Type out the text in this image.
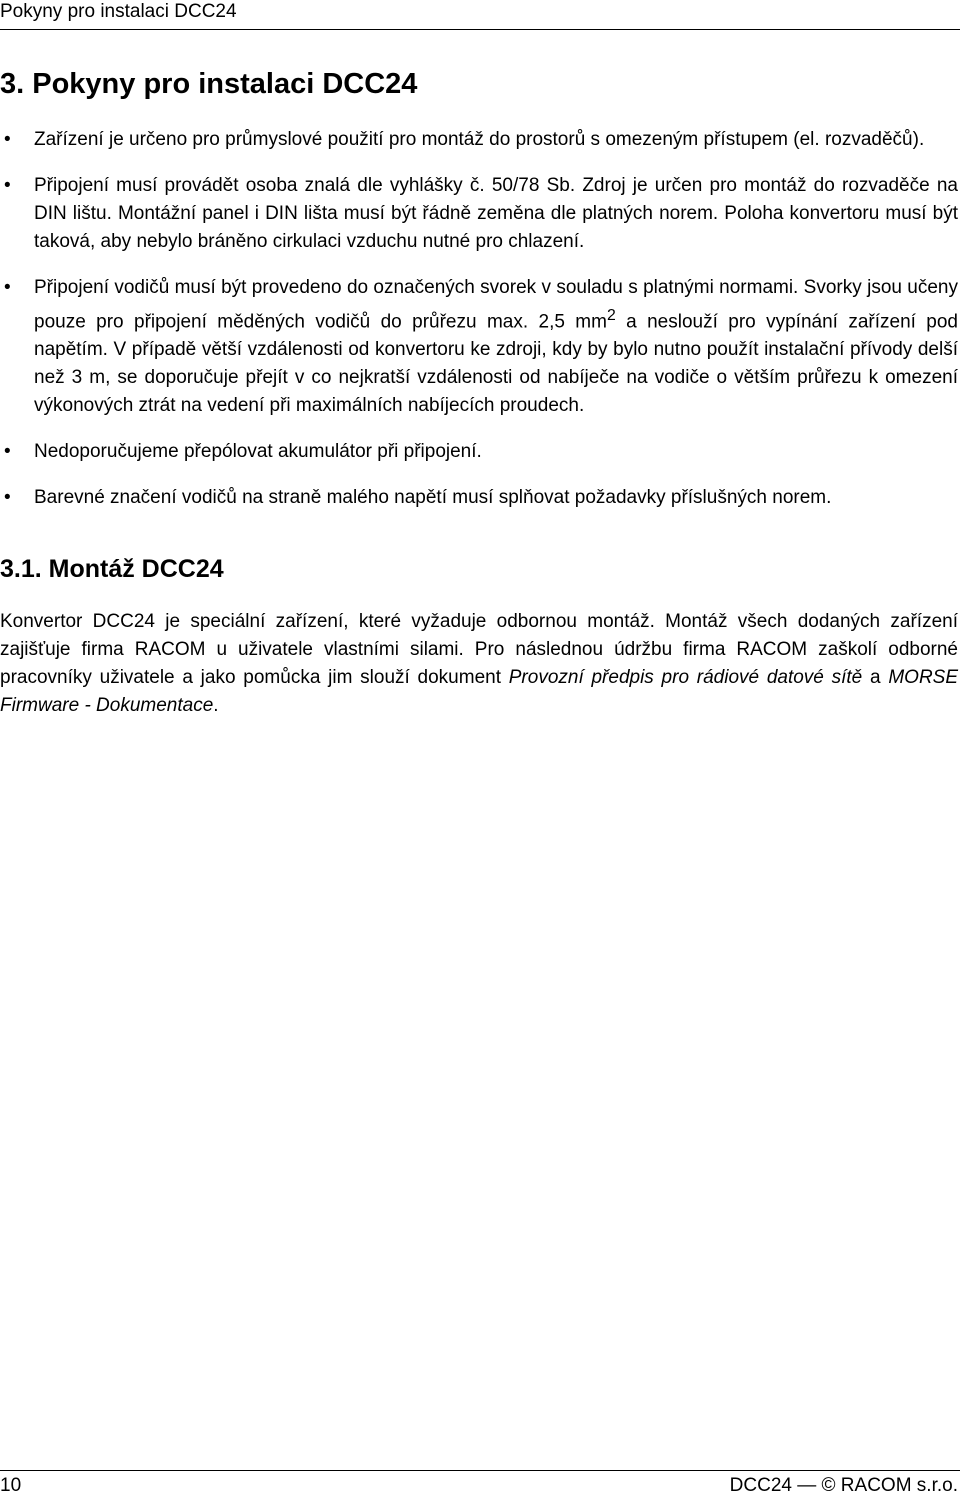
Pokyny pro instalaci DCC24
3. Pokyny pro instalaci DCC24
• Zařízení je určeno pro průmyslové použití pro montáž do prostorů s omezeným přístupem (el. rozvaděčů).
• Připojení musí provádět osoba znalá dle vyhlášky č. 50/78 Sb. Zdroj je určen pro montáž do rozvaděče na DIN lištu. Montážní panel i DIN lišta musí být řádně zeměna dle platných norem. Poloha konvertoru musí být taková, aby nebylo bráněno cirkulaci vzduchu nutné pro chlazení.
• Připojení vodičů musí být provedeno do označených svorek v souladu s platnými normami. Svorky jsou učeny pouze pro připojení měděných vodičů do průřezu max. 2,5 $mm^2$ a neslouží pro vypínání zařízení pod napětím. V případě větší vzdálenosti od konvertoru ke zdroji, kdy by bylo nutno použít instalační přívody delší než 3 m, se doporučuje přejít v co nejkratší vzdálenosti od nabíječe na vodiče o větším průřezu k omezení výkonových ztrát na vedení při maximálních nabíjecích proudech.
• Nedoporučujeme přepólovat akumulátor při připojení.
• Barevné značení vodičů na straně malého napětí musí splňovat požadavky příslušných norem.
3.1. Montáž DCC24

Konvertor DCC24 je speciální zařízení, které vyžaduje odbornou montáž. Montáž všech dodaných zařízení zajišťuje firma RACOM u uživatele vlastními silami. Pro následnou údržbu firma RACOM zaškolí odborné pracovníky uživatele a jako pomůcka jim slouží dokument Provozní předpis pro rádiové datové sítě a MORSE Firmware - Dokumentace.

10	DCC24 — © RACOM s.r.o.
